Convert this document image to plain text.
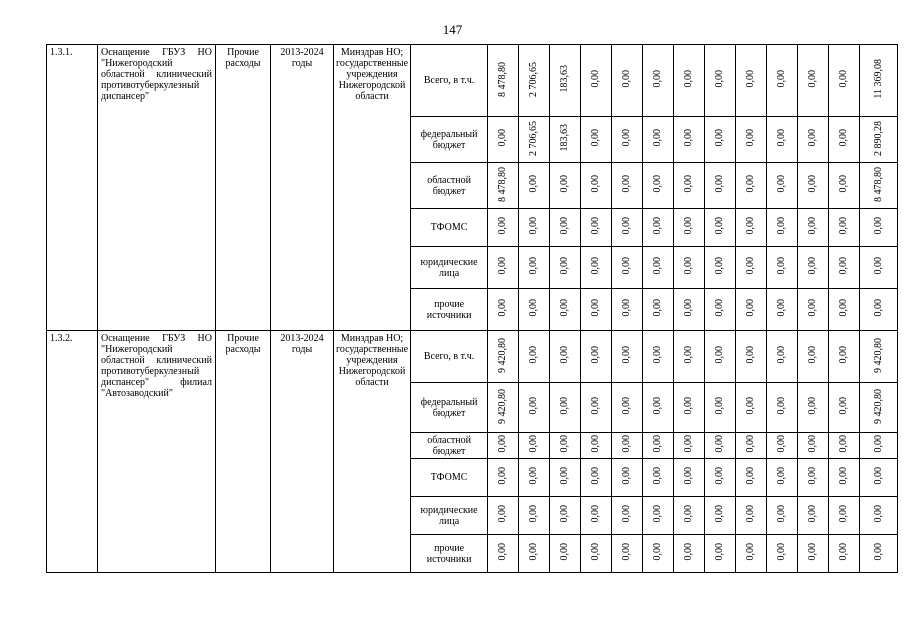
147
1.3.1.	Оснащение ГБУЗ НО "Нижегородский областной клинический противотуберкулезный диспансер"	Прочие расходы	2013-2024 годы	Минздрав НО; государственные учреждения Нижегородской области	Всего, в т.ч.	8 478,80	2 706,65	183,63	0,00	0,00	0,00	0,00	0,00	0,00	0,00	0,00	0,00	11 369,08
					федеральный бюджет	0,00	2 706,65	183,63	0,00	0,00	0,00	0,00	0,00	0,00	0,00	0,00	0,00	2 890,28
					областной бюджет	8 478,80	0,00	0,00	0,00	0,00	0,00	0,00	0,00	0,00	0,00	0,00	0,00	8 478,80
					ТФОМС	0,00	0,00	0,00	0,00	0,00	0,00	0,00	0,00	0,00	0,00	0,00	0,00	0,00
					юридические лица	0,00	0,00	0,00	0,00	0,00	0,00	0,00	0,00	0,00	0,00	0,00	0,00	0,00
					прочие источники	0,00	0,00	0,00	0,00	0,00	0,00	0,00	0,00	0,00	0,00	0,00	0,00	0,00
1.3.2.	Оснащение ГБУЗ НО "Нижегородский областной клинический противотуберкулезный диспансер" филиал "Автозаводский"	Прочие расходы	2013-2024 годы	Минздрав НО; государственные учреждения Нижегородской области	Всего, в т.ч.	9 420,80	0,00	0,00	0,00	0,00	0,00	0,00	0,00	0,00	0,00	0,00	0,00	9 420,80
					федеральный бюджет	9 420,80	0,00	0,00	0,00	0,00	0,00	0,00	0,00	0,00	0,00	0,00	0,00	9 420,80
					областной бюджет	0,00	0,00	0,00	0,00	0,00	0,00	0,00	0,00	0,00	0,00	0,00	0,00	0,00
					ТФОМС	0,00	0,00	0,00	0,00	0,00	0,00	0,00	0,00	0,00	0,00	0,00	0,00	0,00
					юридические лица	0,00	0,00	0,00	0,00	0,00	0,00	0,00	0,00	0,00	0,00	0,00	0,00	0,00
					прочие источники	0,00	0,00	0,00	0,00	0,00	0,00	0,00	0,00	0,00	0,00	0,00	0,00	0,00
